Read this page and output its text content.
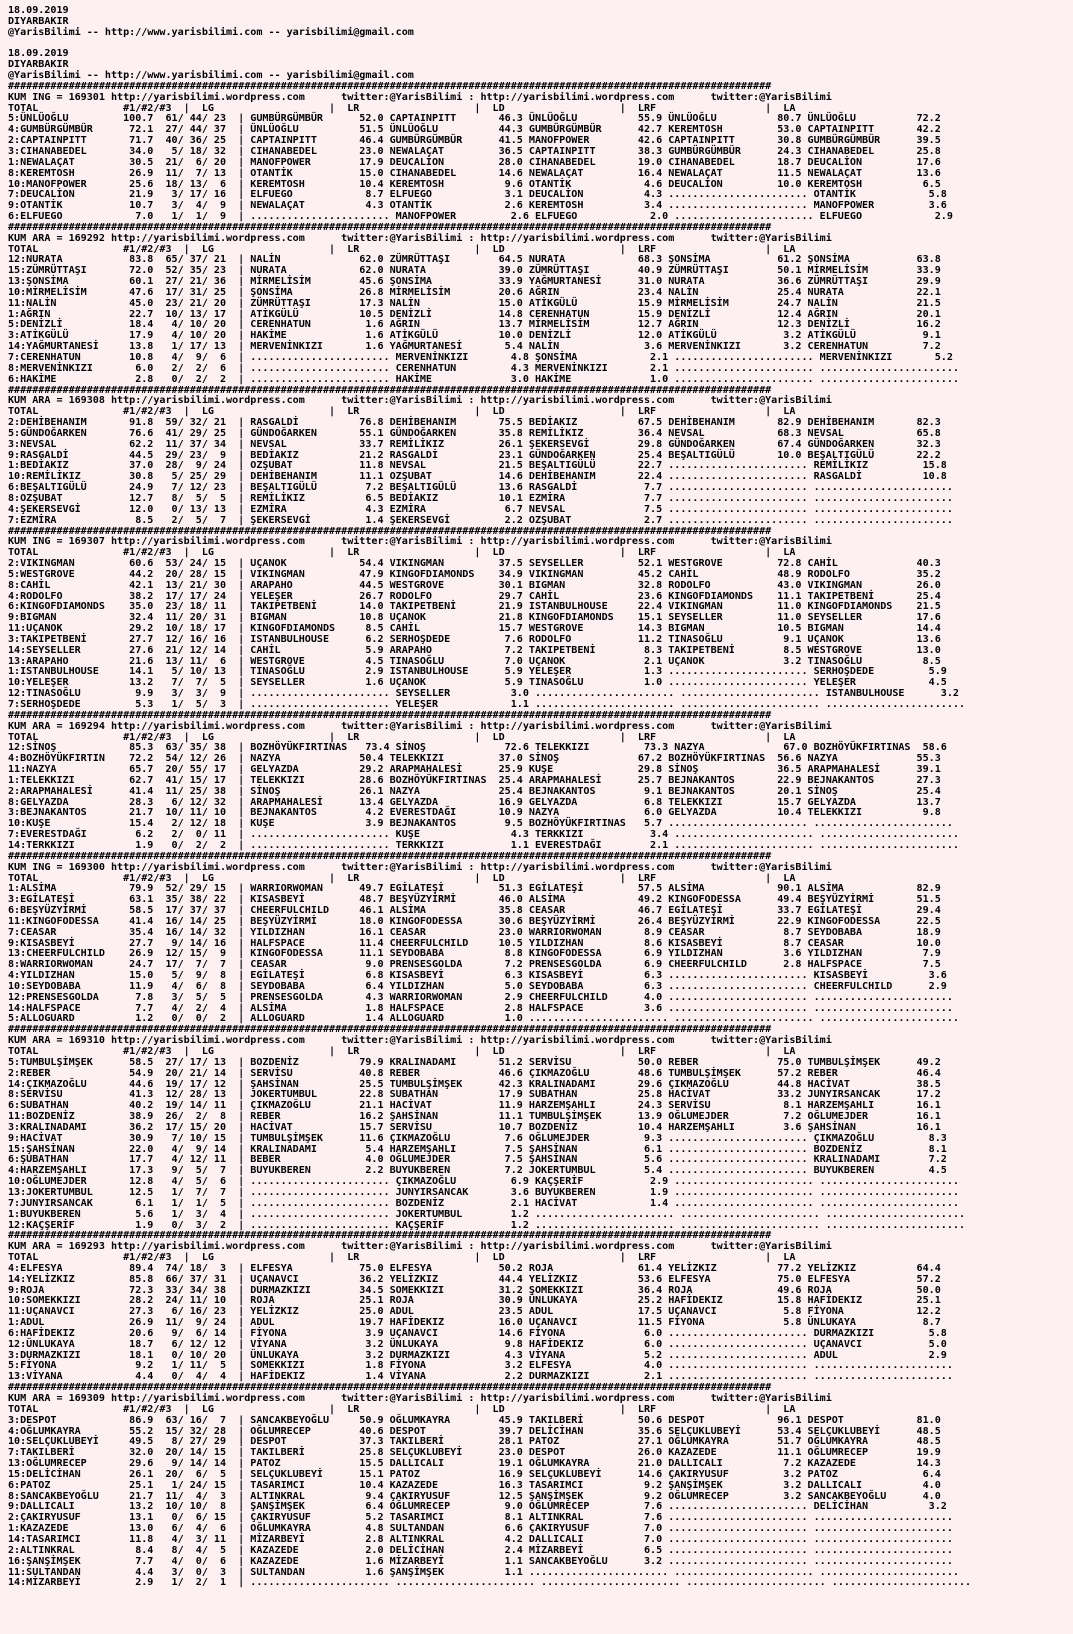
18.09.2019
DIYARBAKIR
@YarisBilimi -- http://www.yarisbilimi.com -- yarisbilimi@gmail.com

18.09.2019
DIYARBAKIR
@YarisBilimi -- http://www.yarisbilimi.com -- yarisbilimi@gmail.com
##############################################################################################################################
KUM ING = 169301 http://yarisbilimi.wordpress.com      twitter:@YarisBilimi : http://yarisbilimi.wordpress.com      twitter:@YarisBilimi
TOTAL              #1/#2/#3  |  LG                   |  LR                   |  LD                   |  LRF                  |  LA
5:ÜNLÜOĞLU         100.7  61/ 44/ 23  | GUMBÜRGÜMBÜR      52.0 CAPTAINPITT       46.3 ÜNLÜOĞLU          55.9 ÜNLÜOĞLU          80.7 ÜNLÜOĞLU          72.2
4:GUMBÜRGÜMBÜR      72.1  27/ 44/ 37  | ÜNLÜOĞLU          51.5 ÜNLÜOĞLU          44.3 GUMBÜRGÜMBÜR      42.7 KEREMTOSH         53.0 CAPTAINPITT       42.2
2:CAPTAINPITT       71.7  40/ 36/ 25  | CAPTAINPITT       46.4 GUMBÜRGÜMBÜR      41.5 MANOFPOWER        42.6 CAPTAINPITT       30.8 GUMBÜRGÜMBÜR      39.5
3:CIHANABEDEL       34.0   5/ 18/ 32  | CIHANABEDEL       23.0 NEWALAÇAT         36.5 CAPTAINPITT       38.3 GUMBÜRGÜMBÜR      24.3 CIHANABEDEL       25.8
1:NEWALAÇAT         30.5  21/  6/ 20  | MANOFPOWER        17.9 DEUCALİON         28.0 CIHANABEDEL       19.0 CIHANABEDEL       18.7 DEUCALİON         17.6
8:KEREMTOSH         26.9  11/  7/ 13  | OTANTİK           15.0 CIHANABEDEL       14.6 NEWALAÇAT         16.4 NEWALAÇAT         11.5 NEWALAÇAT         13.6
10:MANOFPOWER       25.6  18/ 13/  6  | KEREMTOSH         10.4 KEREMTOSH          9.6 OTANTİK            4.6 DEUCALİON         10.0 KEREMTOSH          6.5
7:DEUCALİON         21.9   3/ 17/ 16  | ELFUEGO            8.7 ELFUEGO            3.1 DEUCALİON          4.3 ....................... OTANTİK            5.8
9:OTANTİK           10.7   3/  4/  9  | NEWALAÇAT          4.3 OTANTİK            2.6 KEREMTOSH          3.4 ....................... MANOFPOWER         3.6
6:ELFUEGO            7.0   1/  1/  9  | ....................... MANOFPOWER         2.6 ELFUEGO            2.0 ....................... ELFUEGO            2.9
##############################################################################################################################
KUM ARA = 169292 http://yarisbilimi.wordpress.com      twitter:@YarisBilimi : http://yarisbilimi.wordpress.com      twitter:@YarisBilimi
TOTAL              #1/#2/#3  |  LG                   |  LR                   |  LD                   |  LRF                  |  LA
12:NURATA           83.8  65/ 37/ 21  | NALİN             62.0 ZÜMRÜTTAŞI        64.5 NURATA            68.3 ŞONSİMA           61.2 ŞONSİMA           63.8
15:ZÜMRÜTTAŞI       72.0  52/ 35/ 23  | NURATA            62.0 NURATA            39.0 ZÜMRÜTTAŞI        40.9 ZÜMRÜTTAŞI        50.1 MİRMELİSİM        33.9
13:ŞONSİMA          60.1  27/ 21/ 36  | MİRMELİSİM        45.6 ŞONSİMA           33.9 YAĞMURTANESİ      31.0 NURATA            36.6 ZÜMRÜTTAŞI        29.9
10:MİRMELİSİM       47.6  17/ 31/ 25  | ŞONSİMA           26.8 MİRMELİSİM        20.6 AĞRIN             23.4 NALİN             25.4 NURATA            22.1
11:NALİN            45.0  23/ 21/ 20  | ZÜMRÜTTAŞI        17.3 NALİN             15.0 ATİKGÜLÜ          15.9 MİRMELİSİM        24.7 NALİN             21.5
1:AĞRIN             22.7  10/ 13/ 17  | ATİKGÜLÜ          10.5 DENİZLİ           14.8 CERENHATUN        15.9 DENİZLİ           12.4 AĞRIN             20.1
5:DENİZLİ           18.4   4/ 10/ 20  | CERENHATUN         1.6 AĞRIN             13.7 MİRMELİSİM        12.7 AĞRIN             12.3 DENİZLİ           16.2
3:ATİKGÜLÜ          17.9   4/ 10/ 20  | HAKİME             1.6 ATİKGÜLÜ          10.0 DENİZLİ           12.0 ATİKGÜLÜ           3.2 ATİKGÜLÜ           9.1
14:YAĞMURTANESİ     13.8   1/ 17/ 13  | MERVENİNKIZI       1.6 YAĞMURTANESİ       5.4 NALİN              3.6 MERVENİNKIZI       3.2 CERENHATUN         7.2
7:CERENHATUN        10.8   4/  9/  6  | ....................... MERVENİNKIZI       4.8 ŞONSİMA            2.1 ....................... MERVENİNKIZI       5.2
8:MERVENİNKIZI       6.0   2/  2/  6  | ....................... CERENHATUN         4.3 MERVENİNKIZI       2.1 ....................... .......................
6:HAKİME             2.8   0/  2/  2  | ....................... HAKİME             3.0 HAKİME             1.0 ....................... .......................
##############################################################################################################################
KUM ARA = 169308 http://yarisbilimi.wordpress.com      twitter:@YarisBilimi : http://yarisbilimi.wordpress.com      twitter:@YarisBilimi
TOTAL              #1/#2/#3  |  LG                   |  LR                   |  LD                   |  LRF                  |  LA
2:DEHİBEHANIM       91.8  59/ 32/ 21  | RASGALDİ          76.8 DEHİBEHANIM       75.5 BEDİAKIZ          67.5 DEHİBEHANIM       82.9 DEHİBEHANIM       82.3
5:GÜNDOĞARKEN       76.6  41/ 29/ 25  | GÜNDOĞARKEN       55.1 GÜNDOĞARKEN       35.8 REMİLİKIZ         36.4 NEVSAL            68.3 NEVSAL            65.8
3:NEVSAL            62.2  11/ 37/ 34  | NEVSAL            33.7 REMİLİKIZ         26.1 ŞEKERSEVGİ        29.8 GÜNDOĞARKEN       67.4 GÜNDOĞARKEN       32.3
9:RASGALDİ          44.5  29/ 23/  9  | BEDİAKIZ          21.2 RASGALDİ          23.1 GÜNDOĞARKEN       25.4 BEŞALTIGÜLÜ       10.0 BEŞALTIGÜLÜ       22.2
1:BEDİAKIZ          37.0  28/  9/ 24  | OZŞUBAT           11.8 NEVSAL            21.5 BEŞALTIGÜLÜ       22.7 ....................... REMİLİKIZ         15.8
10:REMİLİKIZ        30.8   5/ 25/ 29  | DEHİBEHANIM       11.1 OZŞUBAT           14.6 DEHİBEHANIM       22.4 ....................... RASGALDİ          10.8
6:BEŞALTIGÜLÜ       24.9   7/ 12/ 23  | BEŞALTIGÜLÜ        7.2 BEŞALTIGÜLÜ       13.6 RASGALDİ           7.7 ....................... .......................
8:OZŞUBAT           12.7   8/  5/  5  | REMİLİKIZ          6.5 BEDİAKIZ          10.1 EZMİRA             7.7 ....................... .......................
4:ŞEKERSEVGİ        12.0   0/ 13/ 13  | EZMİRA             4.3 EZMİRA             6.7 NEVSAL             7.5 ....................... .......................
7:EZMİRA             8.5   2/  5/  7  | ŞEKERSEVGİ         1.4 ŞEKERSEVGİ         2.2 OZŞUBAT            2.7 ....................... .......................
##############################################################################################################################
KUM ING = 169307 http://yarisbilimi.wordpress.com      twitter:@YarisBilimi : http://yarisbilimi.wordpress.com      twitter:@YarisBilimi
TOTAL              #1/#2/#3  |  LG                   |  LR                   |  LD                   |  LRF                  |  LA
2:VIKINGMAN         60.6  53/ 24/ 15  | UÇANOK            54.4 VIKINGMAN         37.5 SEYSELLER         52.1 WESTGROVE         72.8 CAHİL             40.3
5:WESTGROVE         44.2  20/ 28/ 15  | VIKINGMAN         47.9 KINGOFDIAMONDS    34.9 VIKINGMAN         45.2 CAHİL             48.9 RODOLFO           35.2
8:CAHİL             42.1  13/ 21/ 30  | ARAPAHO           44.5 WESTGROVE         30.1 BIGMAN            32.8 RODOLFO           43.0 VIKINGMAN         26.0
4:RODOLFO           38.2  17/ 17/ 24  | YELEŞER           26.7 RODOLFO           29.7 CAHİL             23.6 KINGOFDIAMONDS    11.1 TAKIPETBENİ       25.4
6:KINGOFDIAMONDS    35.0  23/ 18/ 11  | TAKIPETBENİ       14.0 TAKIPETBENİ       21.9 ISTANBULHOUSE     22.4 VIKINGMAN         11.0 KINGOFDIAMONDS    21.5
9:BIGMAN            32.4  11/ 20/ 31  | BIGMAN            10.8 UÇANOK            21.8 KINGOFDIAMONDS    15.1 SEYSELLER         11.0 SEYSELLER         17.6
11:UÇANOK           29.2  10/ 18/ 17  | KINGOFDIAMONDS     8.5 CAHİL             15.7 WESTGROVE         14.3 BIGMAN            10.5 BIGMAN            14.4
3:TAKIPETBENİ       27.7  12/ 16/ 16  | ISTANBULHOUSE      6.2 SERHOŞDEDE         7.6 RODOLFO           11.2 TINASOĞLU          9.1 UÇANOK            13.6
14:SEYSELLER        27.6  21/ 12/ 14  | CAHİL              5.9 ARAPAHO            7.2 TAKIPETBENİ        8.3 TAKIPETBENİ        8.5 WESTGROVE         13.0
13:ARAPAHO          21.6  13/ 11/  6  | WESTGROVE          4.5 TINASOĞLU          7.0 UÇANOK             2.1 UÇANOK             3.2 TINASOĞLU          8.5
1:ISTANBULHOUSE     14.1   5/ 10/ 13  | TINASOĞLU          2.9 ISTANBULHOUSE      5.9 YELEŞER            1.3 ....................... SERHOŞDEDE         5.9
10:YELEŞER          13.2   7/  7/  5  | SEYSELLER          1.6 UÇANOK             5.9 TINASOĞLU          1.0 ....................... YELEŞER            4.5
12:TINASOĞLU         9.9   3/  3/  9  | ....................... SEYSELLER          3.0 ....................... ....................... ISTANBULHOUSE      3.2
7:SERHOŞDEDE         5.3   1/  5/  3  | ....................... YELEŞER            1.1 ....................... ....................... .......................
##############################################################################################################################
KUM ARA = 169294 http://yarisbilimi.wordpress.com      twitter:@YarisBilimi : http://yarisbilimi.wordpress.com      twitter:@YarisBilimi
TOTAL              #1/#2/#3  |  LG                   |  LR                   |  LD                   |  LRF                  |  LA
12:SİNOŞ            85.3  63/ 35/ 38  | BOZHÖYÜKFIRTINAS   73.4 SİNOŞ             72.6 TELEKKIZI         73.3 NAZYA             67.0 BOZHÖYÜKFIRTINAS  58.6
4:BOZHÖYÜKFIRTIN    72.2  54/ 12/ 26  | NAZYA             50.4 TELEKKIZI         37.0 SİNOŞ             67.2 BOZHÖYÜKFIRTINAS  56.6 NAZYA             55.3
11:NAZYA            65.7  20/ 55/ 17  | GELYAZDA          29.2 ARAPMAHALESİ      25.9 KUŞE              29.8 SİNOŞ             36.5 ARAPMAHALESİ      39.1
1:TELEKKIZI         62.7  41/ 15/ 17  | TELEKKIZI         28.6 BOZHÖYÜKFIRTINAS  25.4 ARAPMAHALESİ      25.7 BEJNAKANTOS       22.9 BEJNAKANTOS       27.3
2:ARAPMAHALESİ      41.4  11/ 25/ 38  | SİNOŞ             26.1 NAZYA             25.4 BEJNAKANTOS        9.1 BEJNAKANTOS       20.1 SİNOŞ             25.4
8:GELYAZDA          28.3   6/ 12/ 32  | ARAPMAHALESİ      13.4 GELYAZDA          16.9 GELYAZDA           6.8 TELEKKIZI         15.7 GELYAZDA          13.7
3:BEJNAKANTOS       21.7  10/ 11/ 10  | BEJNAKANTOS        4.2 EVERESTDAĞI       10.9 NAZYA              6.0 GELYAZDA          10.4 TELEKKIZI          9.8
10:KUŞE             15.4   2/ 12/ 18  | KUŞE               3.9 BEJNAKANTOS        9.5 BOZHÖYÜKFIRTINAS   5.7 ....................... .......................
7:EVERESTDAĞI        6.2   2/  0/ 11  | ....................... KUŞE               4.3 TERKKIZI           3.4 ....................... .......................
14:TERKKIZI          1.9   0/  2/  2  | ....................... TERKKIZI           1.1 EVERESTDAĞI        2.1 ....................... .......................
##############################################################################################################################
KUM ING = 169300 http://yarisbilimi.wordpress.com      twitter:@YarisBilimi : http://yarisbilimi.wordpress.com      twitter:@YarisBilimi
TOTAL              #1/#2/#3  |  LG                   |  LR                   |  LD                   |  LRF                  |  LA
1:ALSİMA            79.9  52/ 29/ 15  | WARRIORWOMAN      49.7 EGİLATEŞİ         51.3 EGİLATEŞİ         57.5 ALSİMA            90.1 ALSİMA            82.9
3:EGİLATEŞİ         63.1  35/ 38/ 22  | KISASBEYİ         48.7 BEŞYÜZYİRMİ       46.0 ALSİMA            49.2 KINGOFODESSA      49.4 BEŞYÜZYİRMİ       51.5
6:BEŞYÜZYİRMİ       58.5  17/ 37/ 37  | CHEERFULCHILD     46.1 ALSİMA            35.8 CEASAR            46.7 EGİLATEŞİ         33.7 EGİLATEŞİ         29.4
11:KINGOFODESSA     41.4  16/ 14/ 25  | BEŞYÜZYİRMİ       18.0 KINGOFODESSA      30.6 BEŞYÜZYİRMİ       26.4 BEŞYÜZYİRMİ       22.9 KINGOFODESSA      22.5
7:CEASAR            35.4  16/ 14/ 32  | YILDIZHAN         16.1 CEASAR            23.0 WARRIORWOMAN       8.9 CEASAR             8.7 SEYDOBABA         18.9
9:KISASBEYİ         27.7   9/ 14/ 16  | HALFSPACE         11.4 CHEERFULCHILD     10.5 YILDIZHAN          8.6 KISASBEYİ          8.7 CEASAR            10.0
13:CHEERFULCHILD    26.9  12/ 15/  9  | KINGOFODESSA      11.1 SEYDOBABA          8.8 KINGOFODESSA       6.9 YILDIZHAN          3.6 YILDIZHAN          7.9
8:WARRIORWOMAN      24.7  17/  7/  7  | CEASAR             9.0 PRENSESGOLDA       7.2 PRENSESGOLDA       6.9 CHEERFULCHILD      2.8 HALFSPACE          7.5
4:YILDIZHAN         15.0   5/  9/  8  | EGİLATEŞİ          6.8 KISASBEYİ          6.3 KISASBEYİ          6.3 ....................... KISASBEYİ          3.6
10:SEYDOBABA        11.9   4/  6/  8  | SEYDOBABA          6.4 YILDIZHAN          5.0 SEYDOBABA          6.3 ....................... CHEERFULCHILD      2.9
12:PRENSESGOLDA      7.8   3/  5/  5  | PRENSESGOLDA       4.3 WARRIORWOMAN       2.9 CHEERFULCHILD      4.0 ....................... .......................
14:HALFSPACE         7.7   4/  2/  4  | ALSİMA             1.8 HALFSPACE          2.8 HALFSPACE          3.6 ....................... .......................
5:ALLOGUARD          1.2   0/  0/  2  | ALLOGUARD          1.4 ALLOGUARD          1.0 ....................... ....................... .......................
##############################################################################################################################
KUM ARA = 169310 http://yarisbilimi.wordpress.com      twitter:@YarisBilimi : http://yarisbilimi.wordpress.com      twitter:@YarisBilimi
TOTAL              #1/#2/#3  |  LG                   |  LR                   |  LD                   |  LRF                  |  LA
5:TUMBULŞİMŞEK      58.5  27/ 17/ 13  | BOZDENİZ          79.9 KRALINADAMI       51.2 SERVİSU           50.0 REBER             75.0 TUMBULŞİMŞEK      49.2
2:REBER             54.9  20/ 21/ 14  | SERVİSU           40.8 REBER             46.6 ÇIKMAZOĞLU        48.6 TUMBULŞİMŞEK      57.2 REBER             46.4
14:ÇIKMAZOĞLU       44.6  19/ 17/ 12  | ŞAHSİNAN          25.5 TUMBULŞİMŞEK      42.3 KRALINADAMI       29.6 ÇIKMAZOĞLU        44.8 HACİVAT           38.5
8:SERVİSU           41.3  12/ 28/ 13  | JOKERTUMBUL       22.8 SUBATHAN          17.9 SUBATHAN          25.8 HACİVAT           33.2 JUNYIRSANCAK      17.2
6:SUBATHAN          40.2  19/ 14/ 11  | ÇIKMAZOĞLU        21.1 HACİVAT           11.9 HARZEMŞAHLI       24.3 SERVİSU            8.1 HARZEMŞAHLI       16.1
11:BOZDENİZ         38.9  26/  2/  8  | REBER             16.2 ŞAHSİNAN          11.1 TUMBULŞİMŞEK      13.9 OĞLUMEJDER         7.2 OĞLUMEJDER        16.1
3:KRALINADAMI       36.2  17/ 15/ 20  | HACİVAT           15.7 SERVİSU           10.7 BOZDENİZ          10.4 HARZEMŞAHLI        3.6 ŞAHSİNAN          16.1
9:HACİVAT           30.9   7/ 10/ 15  | TUMBULŞİMŞEK      11.6 ÇIKMAZOĞLU         7.6 OĞLUMEJDER         9.3 ....................... ÇIKMAZOĞLU         8.3
15:ŞAHSİNAN         22.0   4/  9/ 14  | KRALINADAMI        5.4 HARZEMŞAHLI        7.5 ŞAHSİNAN           6.1 ....................... BOZDENİZ           8.1
6:ŞUBATHAN          17.7   4/ 12/ 11  | BEBER              4.0 OĞLUMEJDER         7.5 ŞAHSİNAN           5.6 ....................... KRALINADAMI        7.2
4:HARZEMŞAHLI       17.3   9/  5/  7  | BUYUKBEREN         2.2 BUYUKBEREN         7.2 JOKERTUMBUL        5.4 ....................... BUYUKBEREN         4.5
10:OĞLUMEJDER       12.8   4/  5/  6  | ....................... ÇIKMAZOĞLU         6.9 KAÇŞERİF           2.9 ....................... .......................
13:JOKERTUMBUL      12.5   1/  7/  7  | ....................... JUNYIRSANCAK       3.6 BUYUKBEREN         1.9 ....................... .......................
7:JUNYIRSANCAK       6.1   1/  1/  5  | ....................... BOZDENİZ           2.1 HACİVAT            1.4 ....................... .......................
1:BUYUKBEREN         5.6   1/  3/  4  | ....................... JOKERTUMBUL        1.2 ....................... ....................... .......................
12:KAÇŞERİF          1.9   0/  3/  2  | ....................... KAÇŞERİF           1.2 ....................... ....................... .......................
##############################################################################################################################
KUM ARA = 169293 http://yarisbilimi.wordpress.com      twitter:@YarisBilimi : http://yarisbilimi.wordpress.com      twitter:@YarisBilimi
TOTAL              #1/#2/#3  |  LG                   |  LR                   |  LD                   |  LRF                  |  LA
4:ELFESYA           89.4  74/ 18/  3  | ELFESYA           75.0 ELFESYA           50.2 ROJA              61.4 YELİZKIZ          77.2 YELİZKIZ          64.4
14:YELİZKIZ         85.8  66/ 37/ 31  | UÇANAVCI          36.2 YELİZKIZ          44.4 YELİZKIZ          53.6 ELFESYA           75.0 ELFESYA           57.2
9:ROJA              72.3  33/ 34/ 38  | DURMAZKIZI        34.5 SOMEKKIZI         31.2 ŞOMEKKIZI         36.4 ROJA              49.6 ROJA              50.0
10:SOMEKKIZI        28.2  24/ 11/ 10  | ROJA              25.1 ROJA              30.9 ÜNLUKAYA          25.2 HAFİDEKIZ         15.8 HAFİDEKIZ         25.1
11:UÇANAVCI         27.3   6/ 16/ 23  | YELİZKIZ          25.0 ADUL              23.5 ADUL              17.5 UÇANAVCI           5.8 FİYONA            12.2
1:ADUL              26.9  11/  9/ 24  | ADUL              19.7 HAFİDEKIZ         16.0 UÇANAVCI          11.5 FİYONA             5.8 ÜNLUKAYA           8.7
6:HAFİDEKIZ         20.6   9/  6/ 14  | FİYONA             3.9 UÇANAVCI          14.6 FİYONA             6.0 ....................... DURMAZKIZI         5.8
12:ÜNLUKAYA         18.7   6/ 12/ 12  | VİYANA             3.2 ÜNLUKAYA           9.8 HAFİDEKIZ          6.0 ....................... UÇANAVCI           5.0
3:DURMAZKIZI        18.1   0/ 10/ 20  | ÜNLUKAYA           3.2 DURMAZKIZI         4.3 VİYANA             5.2 ....................... ADUL               2.9
5:FİYONA             9.2   1/ 11/  5  | SOMEKKIZI          1.8 FİYONA             3.2 ELFESYA            4.0 ....................... .......................
13:VİYANA            4.4   0/  4/  4  | HAFİDEKIZ          1.4 VİYANA             2.2 DURMAZKIZI         2.1 ....................... .......................
##############################################################################################################################
KUM ARA = 169309 http://yarisbilimi.wordpress.com      twitter:@YarisBilimi : http://yarisbilimi.wordpress.com      twitter:@YarisBilimi
TOTAL              #1/#2/#3  |  LG                   |  LR                   |  LD                   |  LRF                  |  LA
3:DESPOT            86.9  63/ 16/  7  | SANCAKBEYOĞLU     50.9 OĞLUMKAYRA        45.9 TAKILBERİ         50.6 DESPOT            96.1 DESPOT            81.0
4:OĞLUMKAYRA        55.2  15/ 32/ 28  | OĞLUMRECEP        40.6 DESPOT            39.7 DELİCİHAN         35.6 SELÇUKLUBEYİ      53.4 SELÇUKLUBEYİ      48.5
10:SELÇUKLUBEYİ     49.5   8/ 27/ 29  | DESPOT            37.3 TAKILBERİ         28.1 PATOZ             27.1 OĞLUMKAYRA        51.7 OĞLUMKAYRA        48.5
7:TAKILBERİ         32.0  20/ 14/ 15  | TAKILBERİ         25.8 SELÇUKLUBEYİ      23.0 DESPOT            26.0 KAZAZEDE          11.1 OĞLUMRECEP        19.9
13:OĞLUMRECEP       29.6   9/ 14/ 14  | PATOZ             15.5 DALLICALI         19.1 OĞLUMKAYRA        21.0 DALLICALI          7.2 KAZAZEDE          14.3
15:DELİCİHAN        26.1  20/  6/  5  | SELÇUKLUBEYİ      15.1 PATOZ             16.9 SELÇUKLUBEYİ      14.6 ÇAKIRYUSUF         3.2 PATOZ              6.4
6:PATOZ             25.1   1/ 24/ 15  | TASARIMCI         10.4 KAZAZEDE          16.3 TASARIMCI          9.2 ŞANŞİMŞEK          3.2 DALLICALI          4.0
8:SANCAKBEYOĞLU     21.7  11/  4/  3  | ALTINKRAL          9.4 ÇAKIRYUSUF        12.5 ŞANŞİMŞEK          9.2 OĞLUMRECEP         3.2 SANCAKBEYOĞLU      4.0
9:DALLICALI         13.2  10/ 10/  8  | ŞANŞİMŞEK          6.4 OĞLUMRECEP         9.0 OĞLUMRECEP         7.6 ....................... DELİCİHAN          3.2
2:ÇAKIRYUSUF        13.1   0/  6/ 15  | ÇAKIRYUSUF         5.2 TASARIMCI          8.1 ALTINKRAL          7.6 ....................... .......................
1:KAZAZEDE          13.0   6/  4/  6  | OĞLUMKAYRA         4.8 SULTANDAN          6.6 ÇAKIRYUSUF         7.0 ....................... .......................
14:TASARIMCI        11.8   4/  3/ 11  | MİZARBEYİ          2.8 ALTINKRAL          4.2 DALLICALI          7.0 ....................... .......................
2:ALTINKRAL          8.4   8/  4/  5  | KAZAZEDE           2.0 DELİCİHAN          2.4 MİZARBEYİ          6.5 ....................... .......................
16:ŞANŞİMŞEK         7.7   4/  0/  6  | KAZAZEDE           1.6 MİZARBEYİ          1.1 SANCAKBEYOĞLU      3.2 ....................... .......................
11:SULTANDAN         4.4   3/  0/  3  | SULTANDAN          1.6 ŞANŞİMŞEK          1.1 ....................... ....................... .......................
14:MİZARBEYİ         2.9   1/  2/  1  | ....................... ....................... ....................... ....................... .......................
